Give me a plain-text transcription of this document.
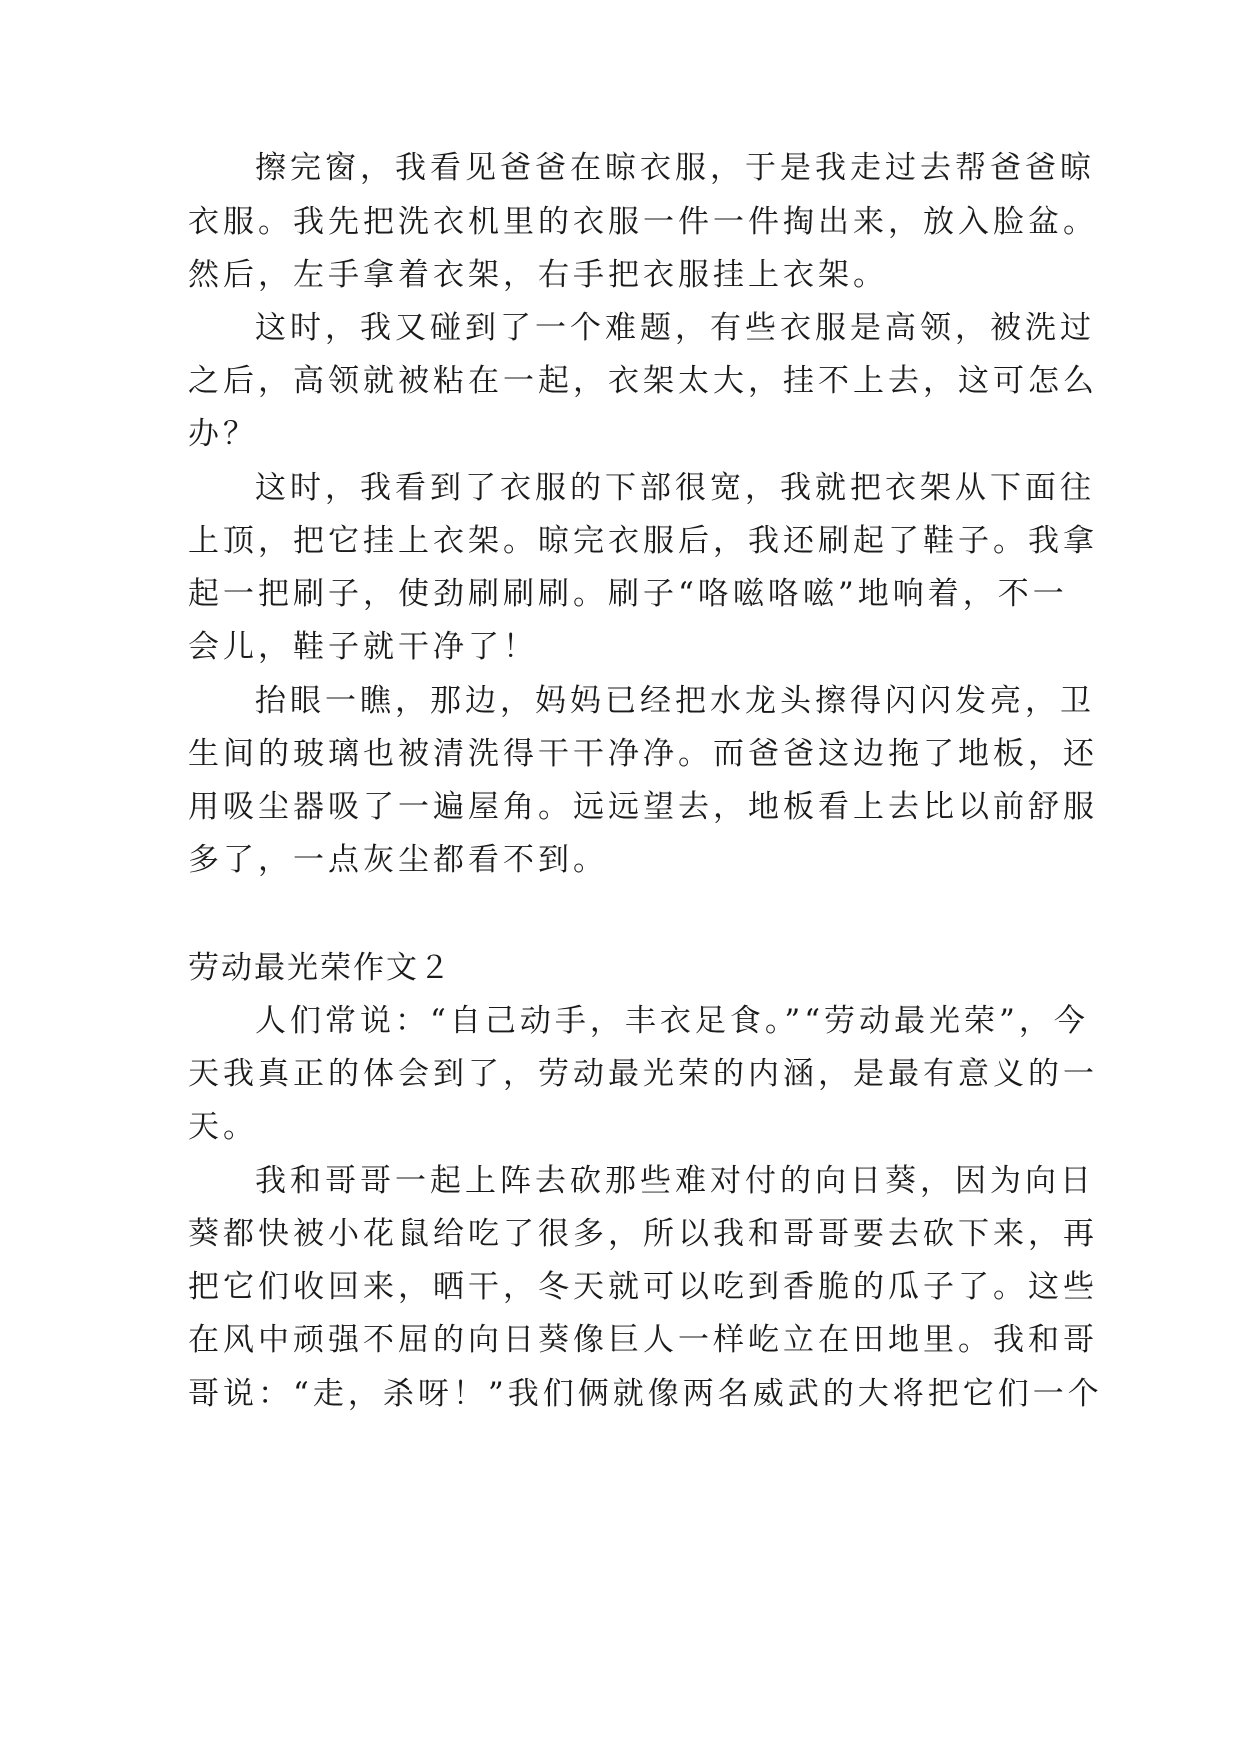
擦完窗，我看见爸爸在晾衣服，于是我走过去帮爸爸晾
衣服。我先把洗衣机里的衣服一件一件掏出来，放入脸盆。
然后，左手拿着衣架，右手把衣服挂上衣架。
这时，我又碰到了一个难题，有些衣服是高领，被洗过
之后，高领就被粘在一起，衣架太大，挂不上去，这可怎么
办？
这时，我看到了衣服的下部很宽，我就把衣架从下面往
上顶，把它挂上衣架。晾完衣服后，我还刷起了鞋子。我拿
起一把刷子，使劲刷刷刷。刷子“咯嗞咯嗞”地响着，不一
会儿，鞋子就干净了！
抬眼一瞧，那边，妈妈已经把水龙头擦得闪闪发亮，卫
生间的玻璃也被清洗得干干净净。而爸爸这边拖了地板，还
用吸尘器吸了一遍屋角。远远望去，地板看上去比以前舒服
多了，一点灰尘都看不到。
劳动最光荣作文２
人们常说：“自己动手，丰衣足食。”“劳动最光荣”，今
天我真正的体会到了，劳动最光荣的内涵，是最有意义的一
天。
我和哥哥一起上阵去砍那些难对付的向日葵，因为向日
葵都快被小花鼠给吃了很多，所以我和哥哥要去砍下来，再
把它们收回来，晒干，冬天就可以吃到香脆的瓜子了。这些
在风中顽强不屈的向日葵像巨人一样屹立在田地里。我和哥
哥说：“走，杀呀！”我们俩就像两名威武的大将把它们一个
